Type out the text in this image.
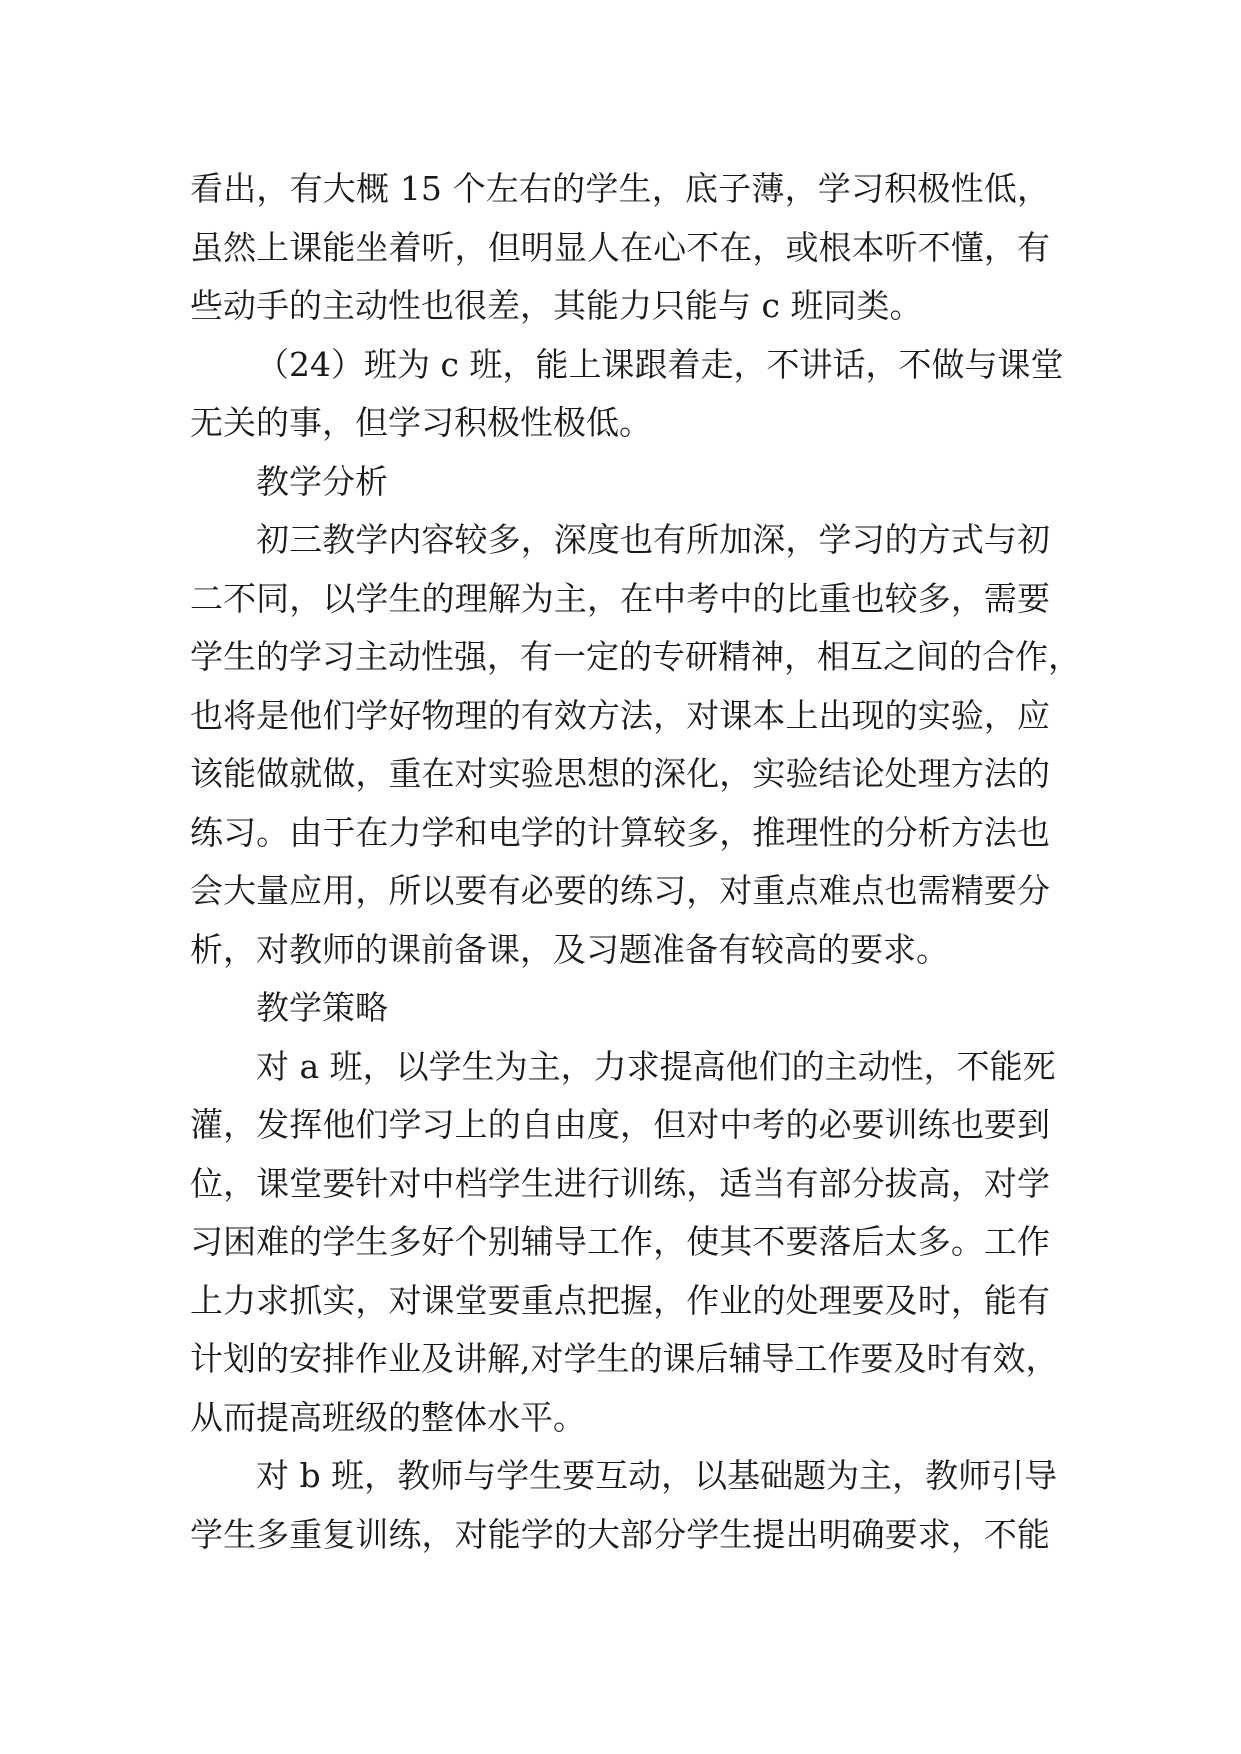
看出，有大概 15 个左右的学生，底子薄，学习积极性低，
虽然上课能坐着听，但明显人在心不在，或根本听不懂，有
些动手的主动性也很差，其能力只能与 c 班同类。
（24）班为 c 班，能上课跟着走，不讲话，不做与课堂
无关的事，但学习积极性极低。
教学分析
初三教学内容较多，深度也有所加深，学习的方式与初
二不同，以学生的理解为主，在中考中的比重也较多，需要
学生的学习主动性强，有一定的专研精神，相互之间的合作，
也将是他们学好物理的有效方法，对课本上出现的实验，应
该能做就做，重在对实验思想的深化，实验结论处理方法的
练习。由于在力学和电学的计算较多，推理性的分析方法也
会大量应用，所以要有必要的练习，对重点难点也需精要分
析，对教师的课前备课，及习题准备有较高的要求。
教学策略
对 a 班，以学生为主，力求提高他们的主动性，不能死
灌，发挥他们学习上的自由度，但对中考的必要训练也要到
位，课堂要针对中档学生进行训练，适当有部分拔高，对学
习困难的学生多好个别辅导工作，使其不要落后太多。工作
上力求抓实，对课堂要重点把握，作业的处理要及时，能有
计划的安排作业及讲解,对学生的课后辅导工作要及时有效，
从而提高班级的整体水平。
对 b 班，教师与学生要互动，以基础题为主，教师引导
学生多重复训练，对能学的大部分学生提出明确要求，不能
